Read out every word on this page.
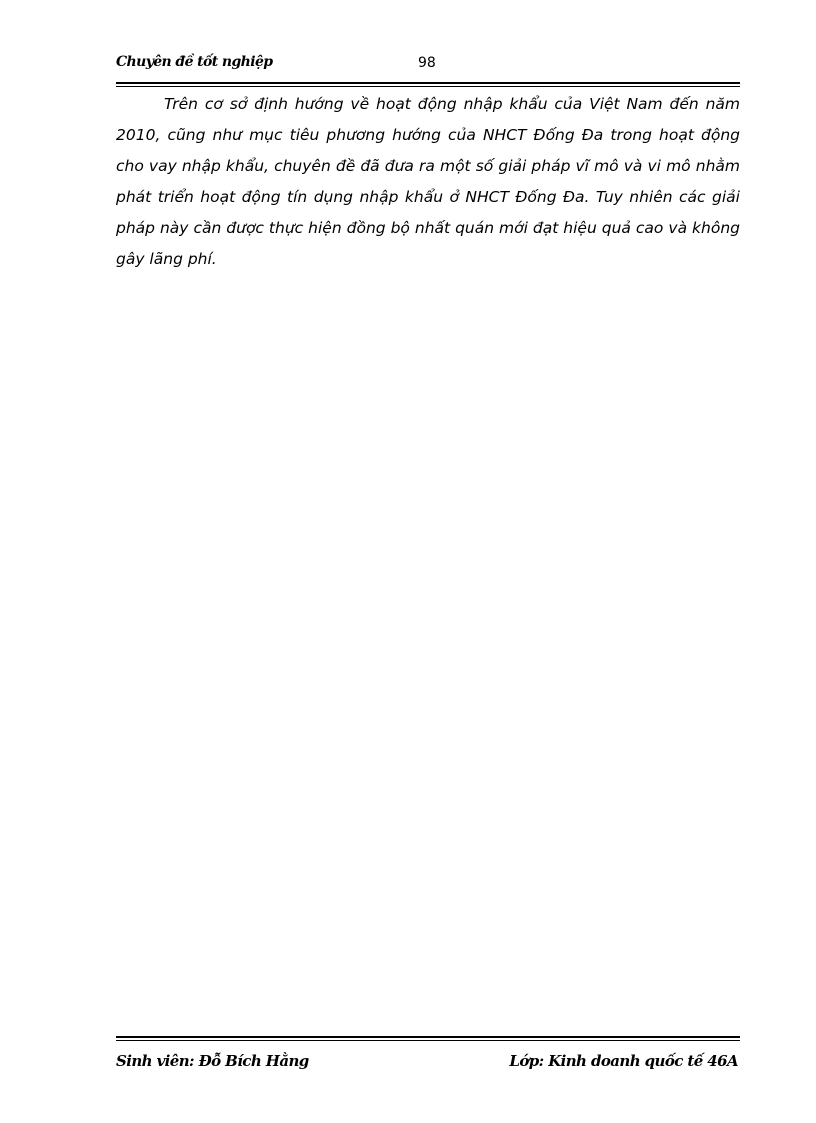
Chuyên đề tốt nghiệp	98

Trên cơ sở định hướng về hoạt động nhập khẩu của Việt Nam đến năm 2010, cũng như mục tiêu phương hướng của NHCT Đống Đa trong hoạt động cho vay nhập khẩu, chuyên đề đã đưa ra một số giải pháp vĩ mô và vi mô nhằm phát triển hoạt động tín dụng nhập khẩu ở NHCT Đống Đa. Tuy nhiên các giải pháp này cần được thực hiện đồng bộ nhất quán mới đạt hiệu quả cao và không gây lãng phí.

Sinh viên: Đỗ Bích Hằng	Lớp: Kinh doanh quốc tế 46A
